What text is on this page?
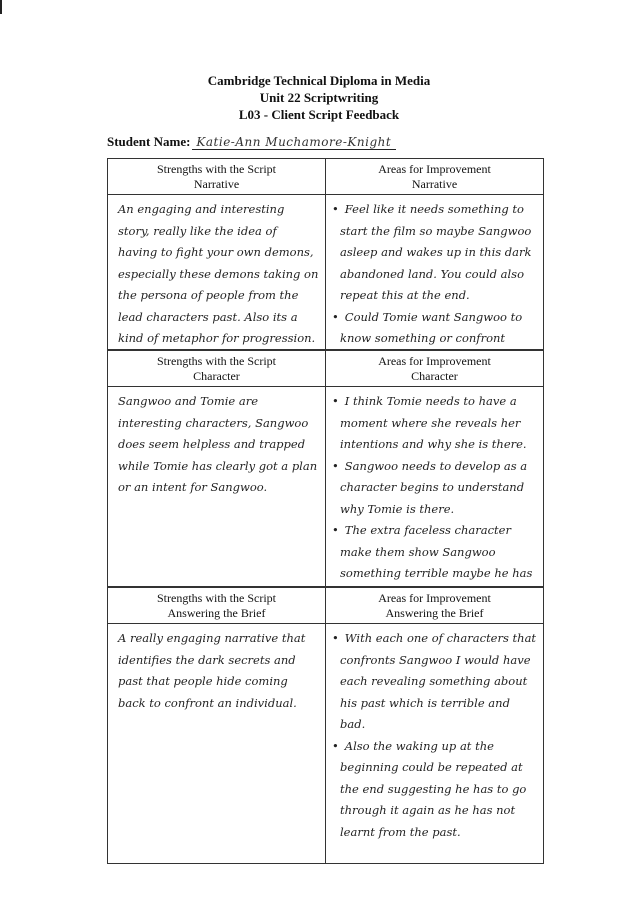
Cambridge Technical Diploma in Media
Unit 22 Scriptwriting
L03 - Client Script Feedback
Student Name: Katie-Ann Muchamore-Knight
Strengths with the Script
Narrative
Areas for Improvement
Narrative
An engaging and interesting story, really like the idea of having to fight your own demons, especially these demons taking on the persona of people from the lead characters past. Also its a kind of metaphor for progression.
• Feel like it needs something to start the film so maybe Sangwoo asleep and wakes up in this dark abandoned land. You could also repeat this at the end.
• Could Tomie want Sangwoo to know something or confront
Strengths with the Script
Character
Areas for Improvement
Character
Sangwoo and Tomie are interesting characters, Sangwoo does seem helpless and trapped while Tomie has clearly got a plan or an intent for Sangwoo.
• I think Tomie needs to have a moment where she reveals her intentions and why she is there.
• Sangwoo needs to develop as a character begins to understand why Tomie is there.
• The extra faceless character make them show Sangwoo something terrible maybe he has
Strengths with the Script
Answering the Brief
Areas for Improvement
Answering the Brief
A really engaging narrative that identifies the dark secrets and past that people hide coming back to confront an individual.
• With each one of characters that confronts Sangwoo I would have each revealing something about his past which is terrible and bad.
• Also the waking up at the beginning could be repeated at the end suggesting he has to go through it again as he has not learnt from the past.
